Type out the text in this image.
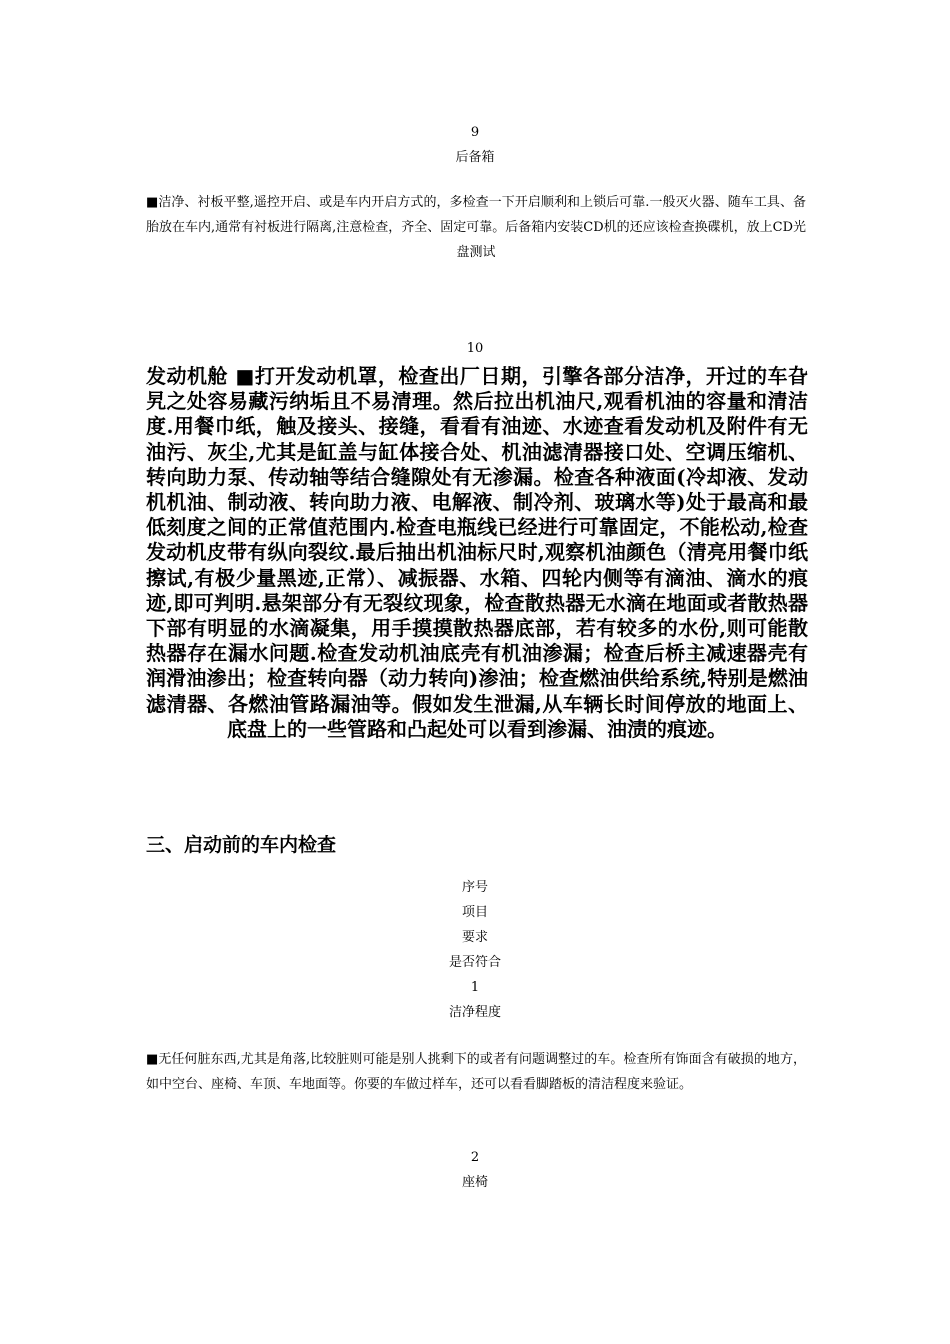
9
后备箱
■洁净、衬板平整,遥控开启、或是车内开启方式的，多检查一下开启顺利和上锁后可靠.一般灭火器、随车工具、备胎放在车内,通常有衬板进行隔离,注意检查，齐全、固定可靠。后备箱内安装CD机的还应该检查换碟机，放上CD光盘测试
10
发动机舱 ■打开发动机罩，检查出厂日期，引擎各部分洁净，开过的车旮旯之处容易藏污纳垢且不易清理。然后拉出机油尺,观看机油的容量和清洁度.用餐巾纸，触及接头、接缝，看看有油迹、水迹查看发动机及附件有无油污、灰尘,尤其是缸盖与缸体接合处、机油滤清器接口处、空调压缩机、转向助力泵、传动轴等结合缝隙处有无渗漏。检查各种液面(冷却液、发动机机油、制动液、转向助力液、电解液、制冷剂、玻璃水等)处于最高和最低刻度之间的正常值范围内.检查电瓶线已经进行可靠固定，不能松动,检查发动机皮带有纵向裂纹.最后抽出机油标尺时,观察机油颜色（清亮用餐巾纸擦试,有极少量黑迹,正常）、减振器、水箱、四轮内侧等有滴油、滴水的痕迹,即可判明.悬架部分有无裂纹现象，检查散热器无水滴在地面或者散热器下部有明显的水滴凝集，用手摸摸散热器底部，若有较多的水份,则可能散热器存在漏水问题.检查发动机油底壳有机油渗漏；检查后桥主减速器壳有润滑油渗出；检查转向器（动力转向)渗油；检查燃油供给系统,特别是燃油滤清器、各燃油管路漏油等。假如发生泄漏,从车辆长时间停放的地面上、底盘上的一些管路和凸起处可以看到渗漏、油渍的痕迹。
三、启动前的车内检查
序号
项目
要求
是否符合
1
洁净程度
■无任何脏东西,尤其是角落,比较脏则可能是别人挑剩下的或者有问题调整过的车。检查所有饰面含有破损的地方，如中空台、座椅、车顶、车地面等。你要的车做过样车，还可以看看脚踏板的清洁程度来验证。
2
座椅
